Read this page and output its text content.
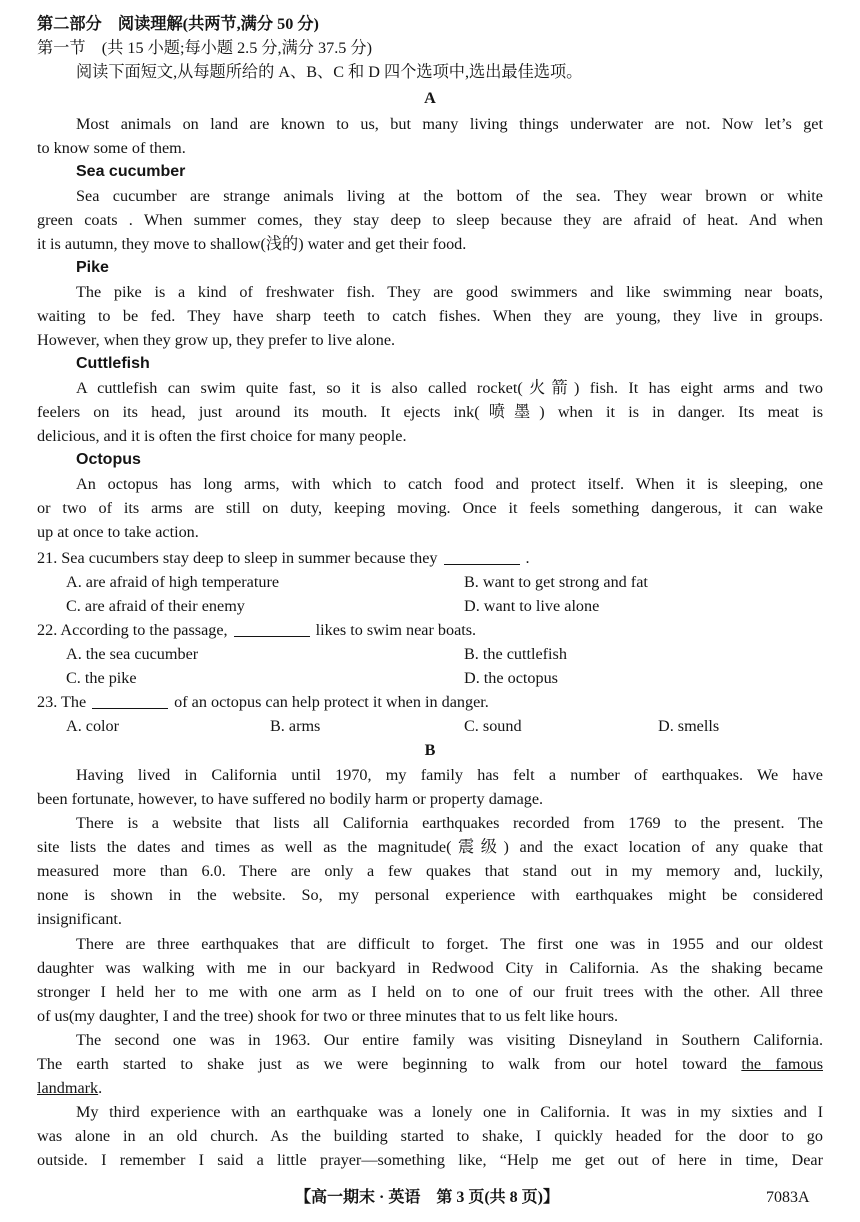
第二部分　阅读理解(共两节,满分 50 分)
第一节　(共 15 小题;每小题 2.5 分,满分 37.5 分)
阅读下面短文,从每题所给的 A、B、C 和 D 四个选项中,选出最佳选项。
A
Most animals on land are known to us, but many living things underwater are not. Now let’s get
to know some of them.
Sea cucumber
Sea cucumber are strange animals living at the bottom of the sea. They wear brown or white
green coats . When summer comes, they stay deep to sleep because they are afraid of heat. And when
it is autumn, they move to shallow(浅的) water and get their food.
Pike
The pike is a kind of freshwater fish. They are good swimmers and like swimming near boats,
waiting to be fed. They have sharp teeth to catch fishes. When they are young, they live in groups.
However, when they grow up, they prefer to live alone.
Cuttlefish
A cuttlefish can swim quite fast, so it is also called rocket(火箭) fish. It has eight arms and two
feelers on its head, just around its mouth. It ejects ink(喷墨) when it is in danger. Its meat is
delicious, and it is often the first choice for many people.
Octopus
An octopus has long arms, with which to catch food and protect itself. When it is sleeping, one
or two of its arms are still on duty, keeping moving. Once it feels something dangerous, it can wake
up at once to take action.
21. Sea cucumbers stay deep to sleep in summer because they	.
A. are afraid of high temperature	B. want to get strong and fat
C. are afraid of their enemy	D. want to live alone
22. According to the passage,	likes to swim near boats.
A. the sea cucumber	B. the cuttlefish
C. the pike	D. the octopus
23. The	of an octopus can help protect it when in danger.
A. color	B. arms	C. sound	D. smells
B
Having lived in California until 1970, my family has felt a number of earthquakes. We have
been fortunate, however, to have suffered no bodily harm or property damage.
There is a website that lists all California earthquakes recorded from 1769 to the present. The
site lists the dates and times as well as the magnitude(震级) and the exact location of any quake that
measured more than 6.0. There are only a few quakes that stand out in my memory and, luckily,
none is shown in the website. So, my personal experience with earthquakes might be considered
insignificant.
There are three earthquakes that are difficult to forget. The first one was in 1955 and our oldest
daughter was walking with me in our backyard in Redwood City in California. As the shaking became
stronger I held her to me with one arm as I held on to one of our fruit trees with the other. All three
of us(my daughter, I and the tree) shook for two or three minutes that to us felt like hours.
The second one was in 1963. Our entire family was visiting Disneyland in Southern California.
The earth started to shake just as we were beginning to walk from our hotel toward the famous
landmark.
My third experience with an earthquake was a lonely one in California. It was in my sixties and I
was alone in an old church. As the building started to shake, I quickly headed for the door to go
outside. I remember I said a little prayer—something like, “Help me get out of here in time, Dear
【高一期末 · 英语　第 3 页(共 8 页)】	7083A
